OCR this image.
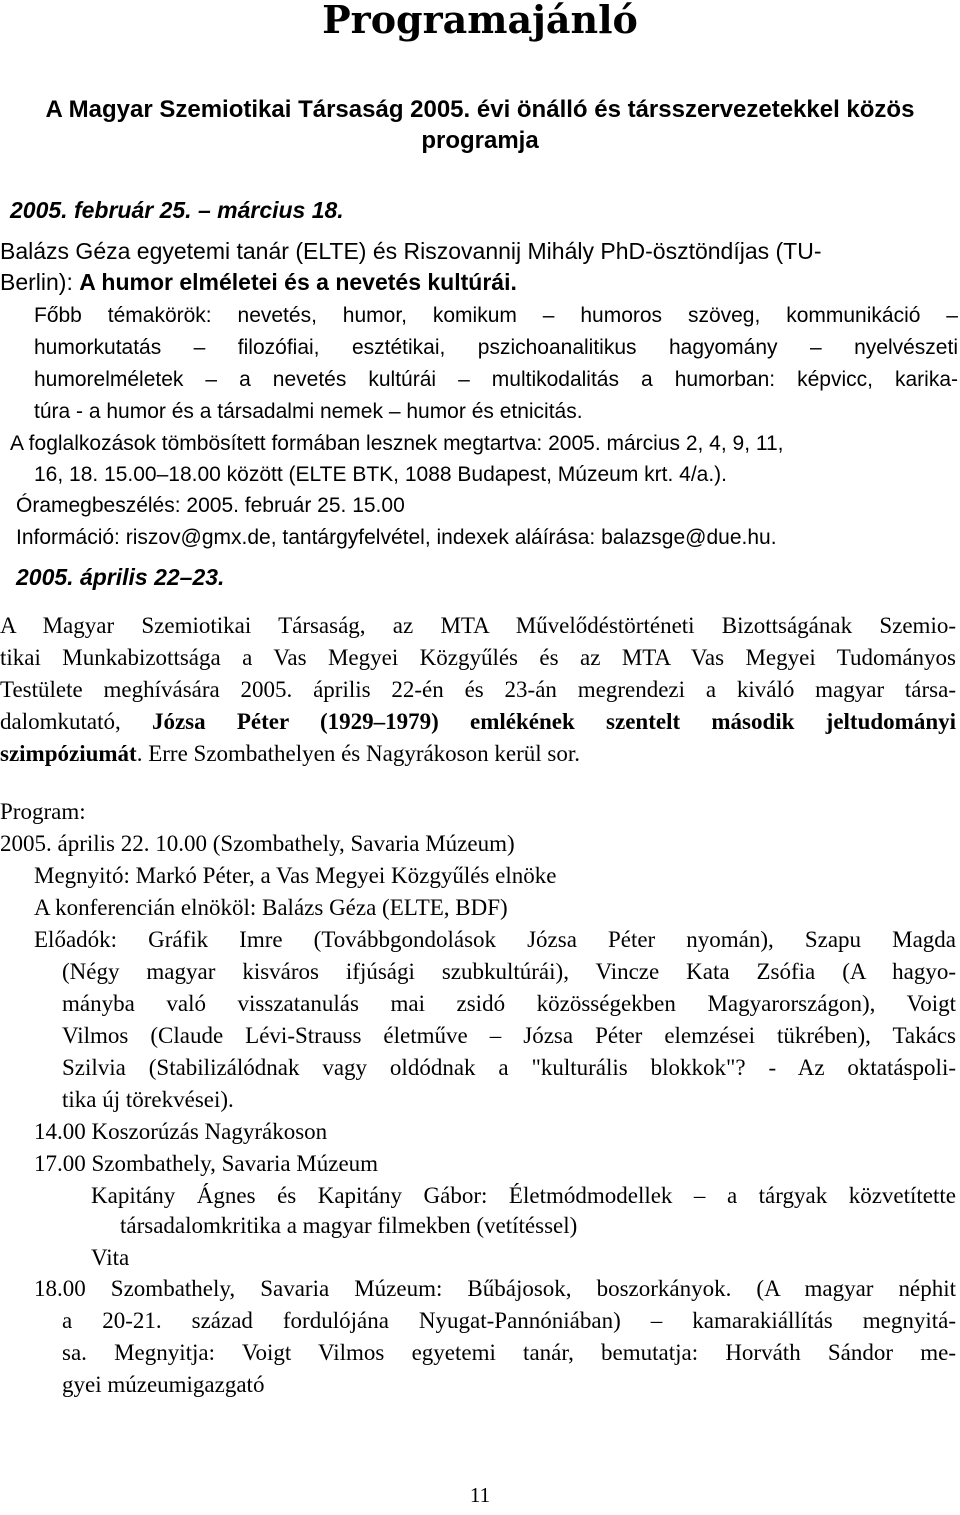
Programajánló
A Magyar Szemiotikai Társaság 2005. évi önálló és társszervezetekkel közös
programja
2005. február 25. – március 18.
Balázs Géza egyetemi tanár (ELTE) és Riszovannij Mihály PhD-ösztöndíjas (TU-
Berlin): A humor elméletei és a nevetés kultúrái.
Főbb témakörök: nevetés, humor, komikum – humoros szöveg, kommunikáció –
humorkutatás – filozófiai, esztétikai, pszichoanalitikus hagyomány – nyelvészeti
humorelméletek – a nevetés kultúrái – multikodalitás a humorban: képvicc, karika-
túra - a humor és a társadalmi nemek – humor és etnicitás.
A foglalkozások tömbösített formában lesznek megtartva: 2005. március 2, 4, 9, 11,
16, 18. 15.00–18.00 között (ELTE BTK, 1088 Budapest, Múzeum krt. 4/a.).
Óramegbeszélés: 2005. február 25. 15.00
Információ: riszov@gmx.de, tantárgyfelvétel, indexek aláírása: balazsge@due.hu.
2005. április 22–23.
A Magyar Szemiotikai Társaság, az MTA Művelődéstörténeti Bizottságának Szemio-
tikai Munkabizottsága a Vas Megyei Közgyűlés és az MTA Vas Megyei Tudományos
Testülete meghívására 2005. április 22-én és 23-án megrendezi a kiváló magyar társa-
dalomkutató, Józsa Péter (1929–1979) emlékének szentelt második jeltudományi
szimpóziumát. Erre Szombathelyen és Nagyrákoson kerül sor.
Program:
2005. április 22. 10.00 (Szombathely, Savaria Múzeum)
Megnyitó: Markó Péter, a Vas Megyei Közgyűlés elnöke
A konferencián elnököl: Balázs Géza (ELTE, BDF)
Előadók: Gráfik Imre (Továbbgondolások Józsa Péter nyomán), Szapu Magda
(Négy magyar kisváros ifjúsági szubkultúrái), Vincze Kata Zsófia (A hagyo-
mányba való visszatanulás mai zsidó közösségekben Magyarországon), Voigt
Vilmos (Claude Lévi-Strauss életműve – Józsa Péter elemzései tükrében), Takács
Szilvia (Stabilizálódnak vagy oldódnak a "kulturális blokkok"? - Az oktatáspoli-
tika új törekvései).
14.00 Koszorúzás Nagyrákoson
17.00 Szombathely, Savaria Múzeum
Kapitány Ágnes és Kapitány Gábor: Életmódmodellek – a tárgyak közvetítette
társadalomkritika a magyar filmekben (vetítéssel)
Vita
18.00 Szombathely, Savaria Múzeum: Bűbájosok, boszorkányok. (A magyar néphit
a 20-21. század fordulójána Nyugat-Pannóniában) – kamarakiállítás megnyitá-
sa. Megnyitja: Voigt Vilmos egyetemi tanár, bemutatja: Horváth Sándor me-
gyei múzeumigazgató
11
